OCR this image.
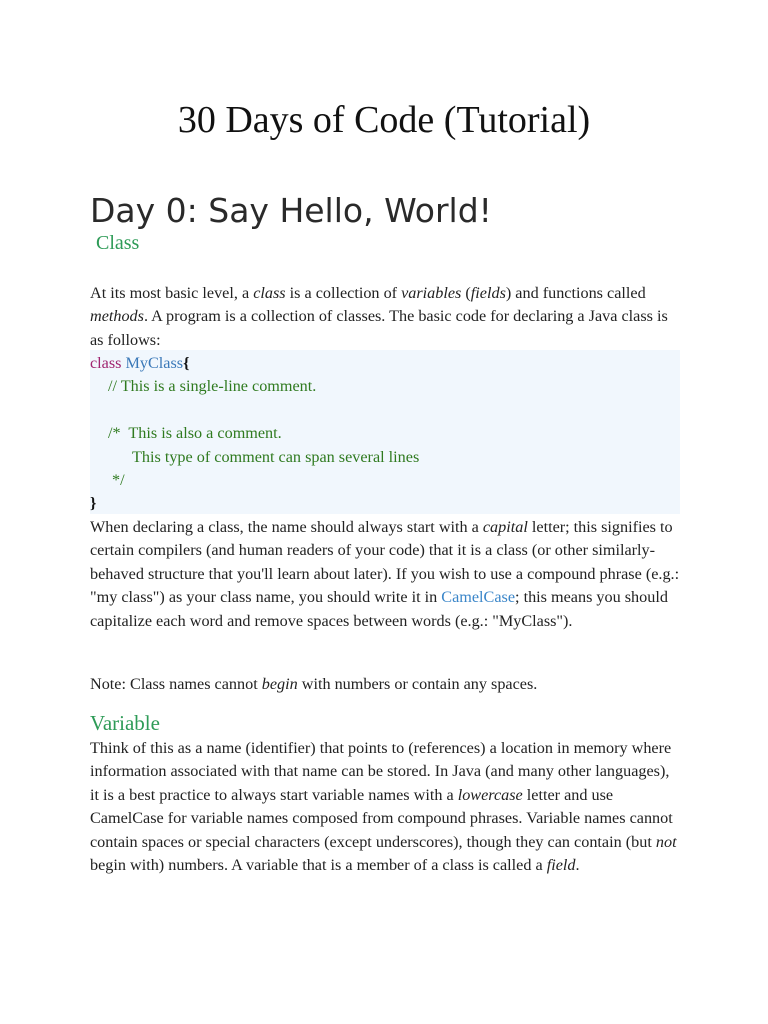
30 Days of Code (Tutorial)
Day 0: Say Hello, World!
Class

At its most basic level, a class is a collection of variables (fields) and functions called methods. A program is a collection of classes. The basic code for declaring a Java class is as follows:

class MyClass{
// This is a single-line comment.
/*  This is also a comment.
This type of comment can span several lines
*/
}

When declaring a class, the name should always start with a capital letter; this signifies to certain compilers (and human readers of your code) that it is a class (or other similarly-behaved structure that you'll learn about later). If you wish to use a compound phrase (e.g.: "my class") as your class name, you should write it in CamelCase; this means you should capitalize each word and remove spaces between words (e.g.: "MyClass").

Note: Class names cannot begin with numbers or contain any spaces.

Variable

Think of this as a name (identifier) that points to (references) a location in memory where information associated with that name can be stored. In Java (and many other languages), it is a best practice to always start variable names with a lowercase letter and use CamelCase for variable names composed from compound phrases. Variable names cannot contain spaces or special characters (except underscores), though they can contain (but not begin with) numbers. A variable that is a member of a class is called a field.
